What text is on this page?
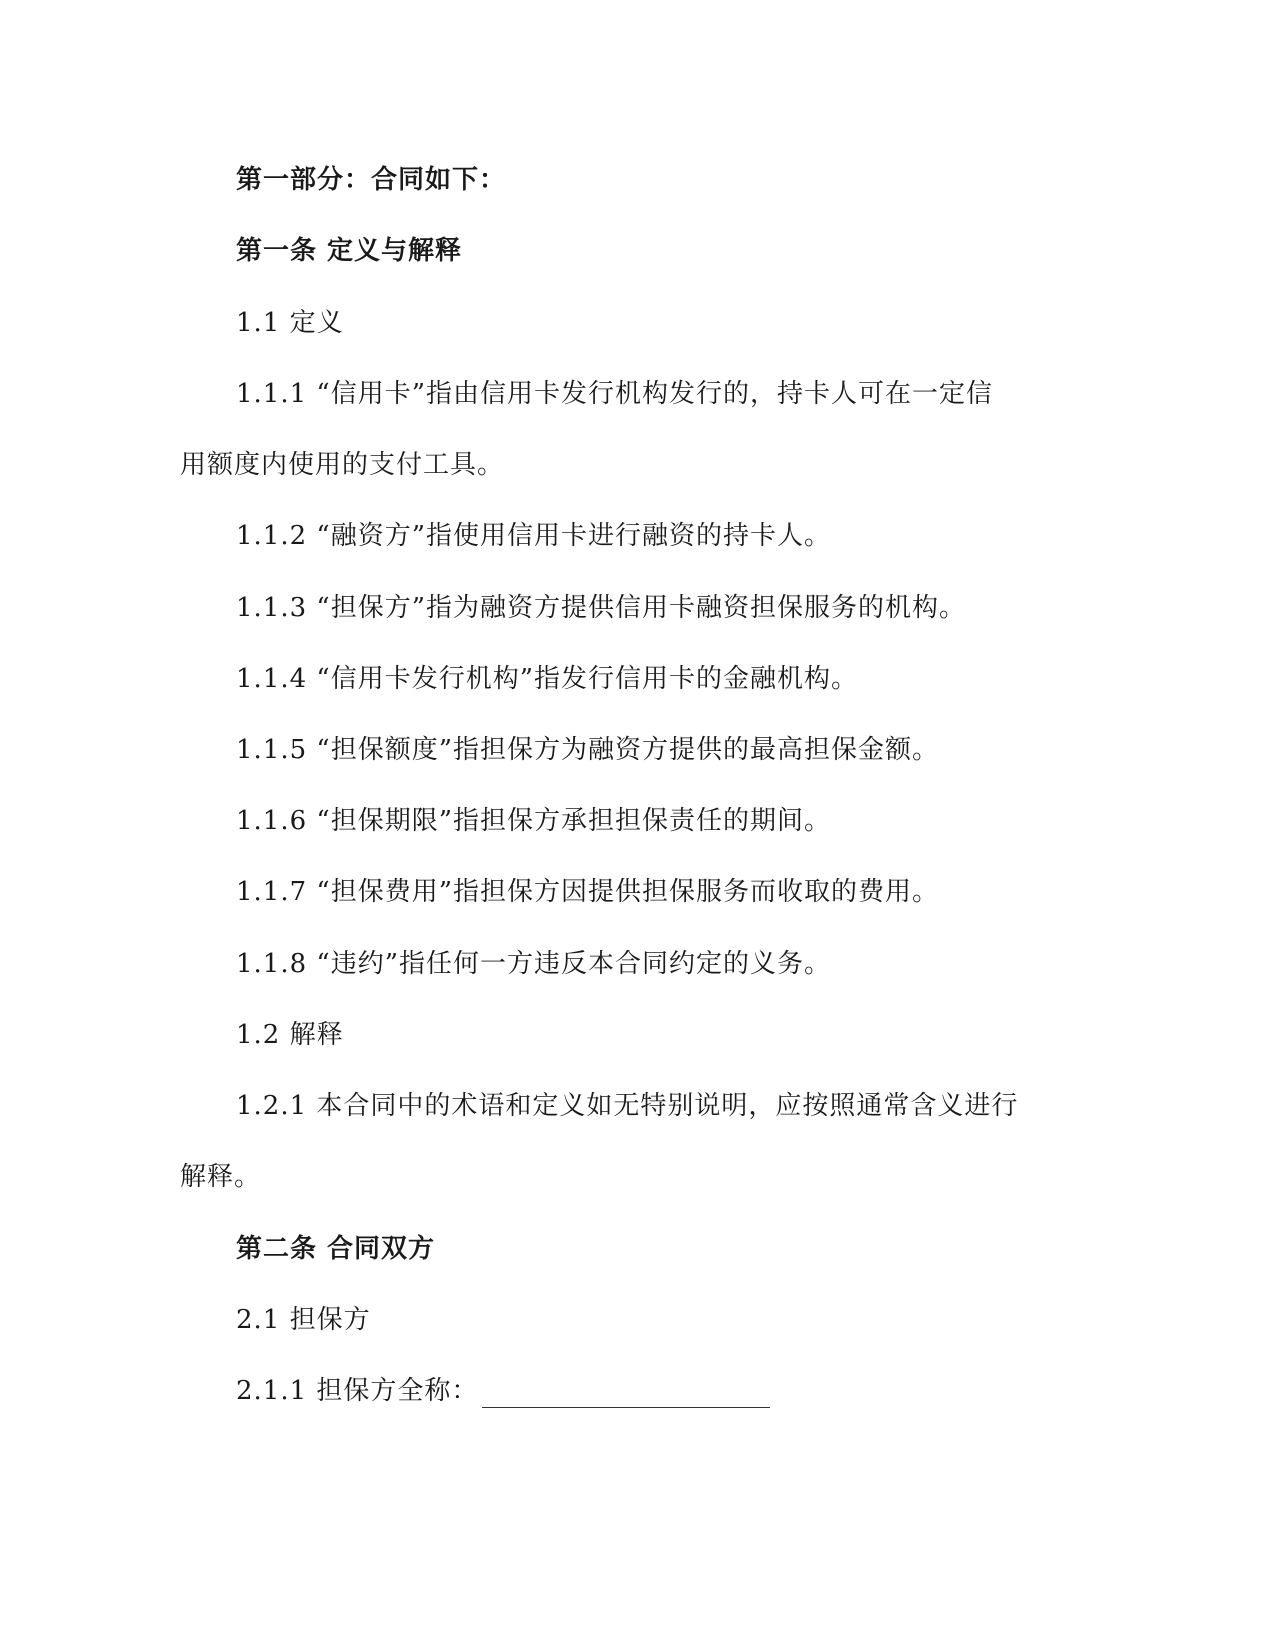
第一部分：合同如下：
第一条 定义与解释
1.1 定义
1.1.1 “信用卡”指由信用卡发行机构发行的，持卡人可在一定信
用额度内使用的支付工具。
1.1.2 “融资方”指使用信用卡进行融资的持卡人。
1.1.3 “担保方”指为融资方提供信用卡融资担保服务的机构。
1.1.4 “信用卡发行机构”指发行信用卡的金融机构。
1.1.5 “担保额度”指担保方为融资方提供的最高担保金额。
1.1.6 “担保期限”指担保方承担担保责任的期间。
1.1.7 “担保费用”指担保方因提供担保服务而收取的费用。
1.1.8 “违约”指任何一方违反本合同约定的义务。
1.2 解释
1.2.1 本合同中的术语和定义如无特别说明，应按照通常含义进行
解释。
第二条 合同双方
2.1 担保方
2.1.1 担保方全称：
